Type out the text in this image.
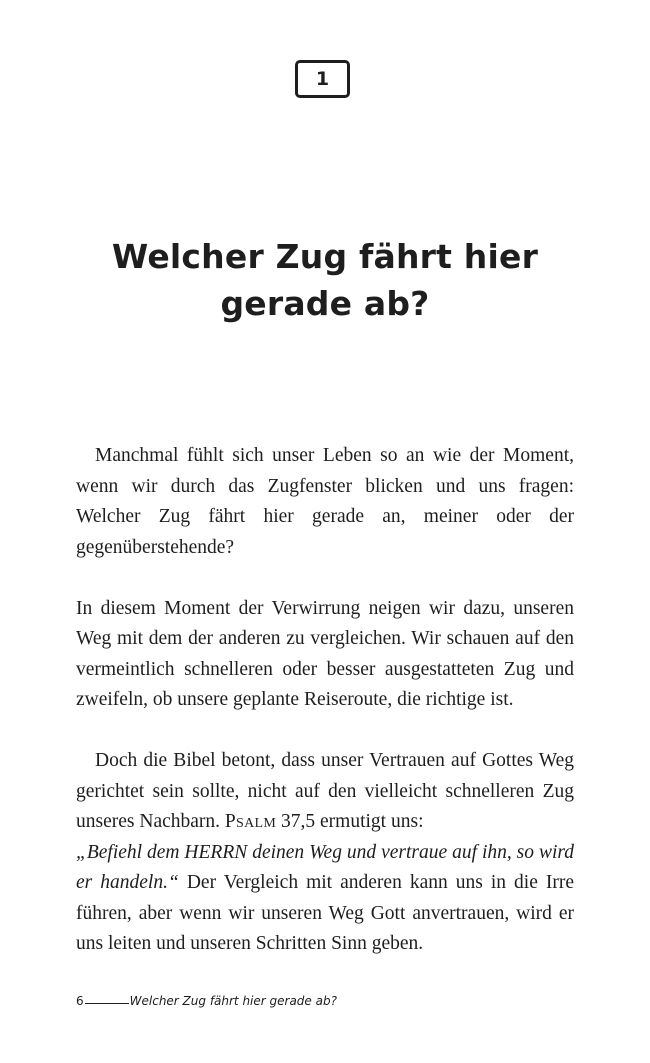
1
Welcher Zug fährt hier gerade ab?

Manchmal fühlt sich unser Leben so an wie der Moment, wenn wir durch das Zugfenster blicken und uns fragen: Welcher Zug fährt hier gerade an, meiner oder der gegenüberstehende?

In diesem Moment der Verwirrung neigen wir dazu, unseren Weg mit dem der anderen zu vergleichen. Wir schauen auf den vermeintlich schnelleren oder besser ausgestatteten Zug und zweifeln, ob unsere geplante Reiseroute, die richtige ist.

Doch die Bibel betont, dass unser Vertrauen auf Gottes Weg gerichtet sein sollte, nicht auf den vielleicht schnelleren Zug unseres Nachbarn. Psalm 37,5 ermutigt uns:
„Befiehl dem HERRN deinen Weg und vertraue auf ihn, so wird er handeln.“ Der Vergleich mit anderen kann uns in die Irre führen, aber wenn wir unseren Weg Gott anvertrauen, wird er uns leiten und unseren Schritten Sinn geben.

6	Welcher Zug fährt hier gerade ab?
